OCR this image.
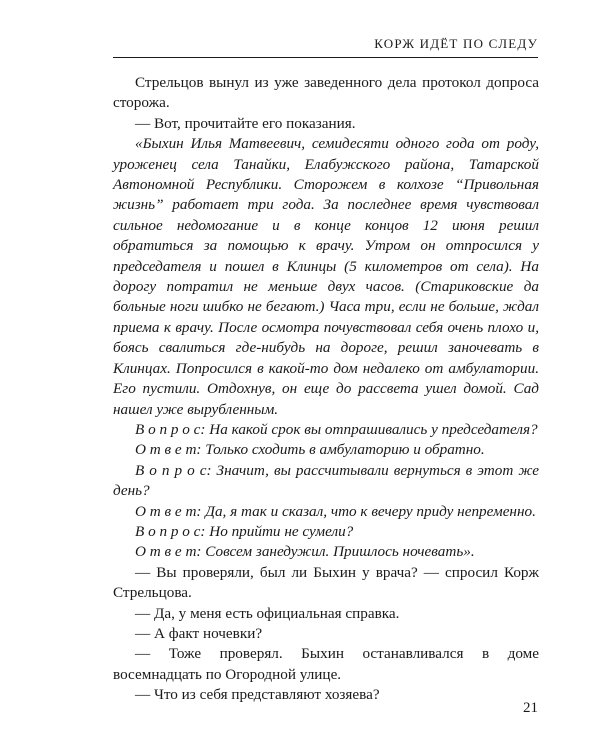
КОРЖ ИДЁТ ПО СЛЕДУ

Стрельцов вынул из уже заведенного дела протокол допроса сторожа.

— Вот, прочитайте его показания.

«Быхин Илья Матвеевич, семидесяти одного года от роду, уроженец села Танайки, Елабужского района, Татарской Автономной Республики. Сторожем в колхозе “Привольная жизнь” работает три года. За последнее время чувствовал сильное недомогание и в конце концов 12 июня решил обратиться за помощью к врачу. Утром он отпросился у председателя и пошел в Клинцы (5 километров от села). На дорогу потратил не меньше двух часов. (Стариковские да больные ноги шибко не бегают.) Часа три, если не больше, ждал приема к врачу. После осмотра почувствовал себя очень плохо и, боясь свалиться где-нибудь на дороге, решил заночевать в Клинцах. Попросился в какой-то дом недалеко от амбулатории. Его пустили. Отдохнув, он еще до рассвета ушел домой. Сад нашел уже вырубленным.

В о п р о с: На какой срок вы отпрашивались у председателя?

О т в е т: Только сходить в амбулаторию и обратно.

В о п р о с: Значит, вы рассчитывали вернуться в этот же день?

О т в е т: Да, я так и сказал, что к вечеру приду непременно.

В о п р о с: Но прийти не сумели?

О т в е т: Совсем занедужил. Пришлось ночевать».

— Вы проверяли, был ли Быхин у врача? — спросил Корж Стрельцова.

— Да, у меня есть официальная справка.

— А факт ночевки?

— Тоже проверял. Быхин останавливался в доме восемнадцать по Огородной улице.

— Что из себя представляют хозяева?

21
